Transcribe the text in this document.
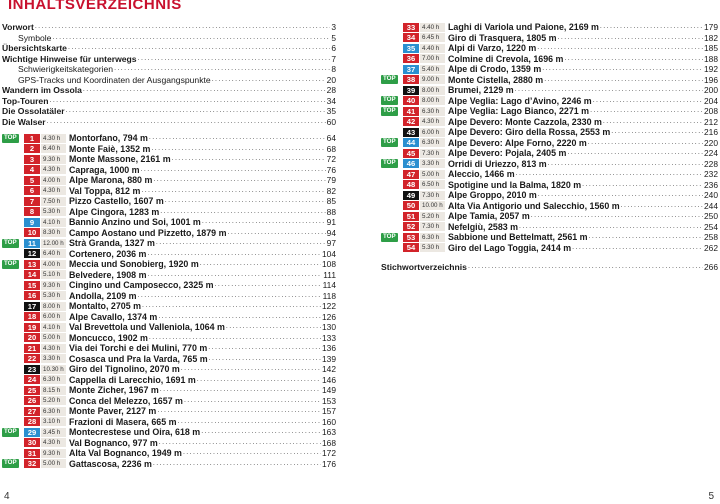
INHALTSVERZEICHNIS
Vorwort .....	3
Symbole .....	5
Übersichtskarte .....	6
Wichtige Hinweise für unterwegs .....	7
Schwierigkeitskategorien .....	8
GPS-Tracks und Koordinaten der Ausgangspunkte .....	20
Wandern im Ossola .....	28
Top-Touren .....	34
Die Ossolatäler .....	35
Die Walser .....	60
TOP	1	4.30 h Montorfano, 794 m .....	64
2	6.40 h Monte Faiè, 1352 m .....	68
3	9.30 h Monte Massone, 2161 m .....	72
4	4.30 h Capraga, 1000 m .....	76
5	4.00 h Alpe Marona, 880 m .....	79
6	4.30 h Val Toppa, 812 m .....	82
7	7.50 h Pizzo Castello, 1607 m .....	85
8	5.30 h Alpe Cingora, 1283 m .....	88
9	4.10 h Bannio Anzino und Soi, 1001 m .....	91
10	8.30 h Campo Aostano und Pizzetto, 1879 m .....	94
TOP	11	12.00 h Strà Granda, 1327 m .....	97
12	6.40 h Cortenero, 2036 m .....	104
TOP	13	4.00 h Meccia und Sonobierg, 1920 m .....	108
14	5.10 h Belvedere, 1908 m .....	111
15	9.30 h Cingino und Camposecco, 2325 m .....	114
16	5.30 h Andolla, 2109 m .....	118
17	8.00 h Montalto, 2705 m .....	122
18	6.00 h Alpe Cavallo, 1374 m .....	126
19	4.10 h Val Brevettola und Valleniola, 1064 m .....	130
20	5.00 h Moncucco, 1902 m .....	133
21	4.30 h Via dei Torchi e dei Mulini, 770 m .....	136
22	3.30 h Cosasca und Pra la Varda, 765 m .....	139
23	10.30 h Giro del Tignolino, 2070 m .....	142
24	6.30 h Cappella di Larecchio, 1691 m .....	146
25	8.15 h Monte Zicher, 1967 m .....	149
26	5.20 h Conca del Melezzo, 1657 m .....	153
27	6.30 h Monte Paver, 2127 m .....	157
28	3.10 h Frazioni di Masera, 665 m .....	160
TOP	29	3.45 h Montecrestese und Oira, 618 m .....	163
30	4.30 h Val Bognanco, 977 m .....	168
31	9.30 h Alta Val Bognanco, 1949 m .....	172
TOP	32	5.00 h Gattascosa, 2236 m .....	176
33	4.40 h Laghi di Variola und Paione, 2169 m .....	179
34	6.45 h Giro di Trasquera, 1805 m .....	182
35	4.40 h Alpi di Varzo, 1220 m .....	185
36	7.00 h Colmine di Crevola, 1696 m .....	188
37	5.40 h Alpe di Crodo, 1359 m .....	192
TOP	38	9.00 h Monte Cistella, 2880 m .....	196
39	8.00 h Brumei, 2129 m .....	200
TOP	40	8.00 h Alpe Veglia: Lago d’Avino, 2246 m .....	204
TOP	41	6.30 h Alpe Veglia: Lago Bianco, 2271 m .....	208
42	4.30 h Alpe Devero: Monte Cazzola, 2330 m .....	212
43	6.00 h Alpe Devero: Giro della Rossa, 2553 m .....	216
TOP	44	6.30 h Alpe Devero: Alpe Forno, 2220 m .....	220
45	7.30 h Alpe Devero: Pojala, 2405 m .....	224
TOP	46	3.30 h Orridi di Uriezzo, 813 m .....	228
47	5.00 h Aleccio, 1466 m .....	232
48	6.50 h Spotigine und la Balma, 1820 m .....	236
49	7.30 h Alpe Groppo, 2010 m .....	240
50	10.00 h Alta Via Antigorio und Salecchio, 1560 m .....	244
51	5.20 h Alpe Tamia, 2057 m .....	250
52	7.30 h Nefelgiù, 2583 m .....	254
TOP	53	6.30 h Sabbione und Bettelmatt, 2561 m .....	258
54	5.30 h Giro del Lago Toggia, 2414 m .....	262
Stichwortverzeichnis .....	266
4	5
